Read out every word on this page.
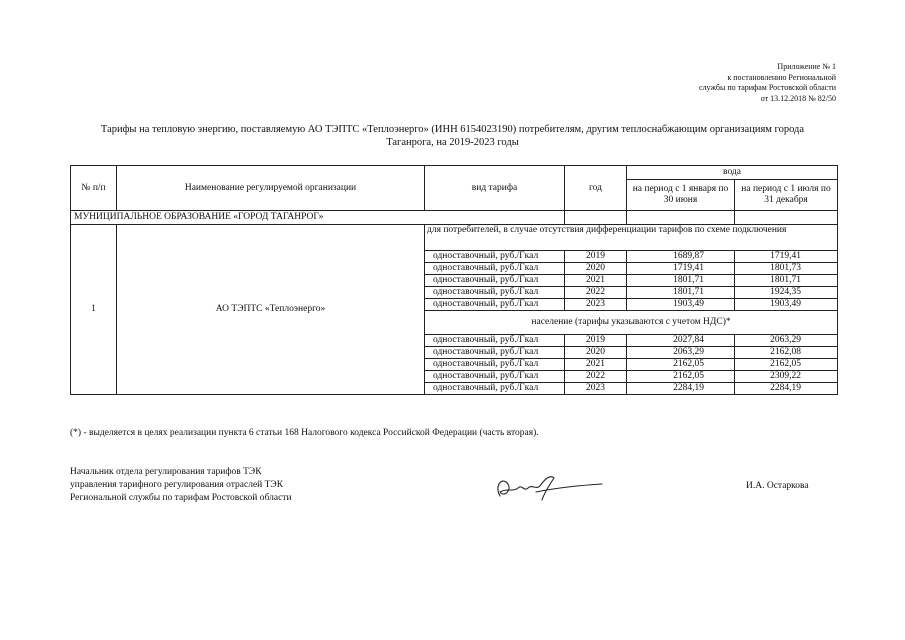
Приложение № 1
к постановлению Региональной
службы по тарифам Ростовской области
от 13.12.2018 № 82/50
Тарифы на тепловую энергию, поставляемую АО ТЭПТС «Теплоэнерго» (ИНН 6154023190) потребителям, другим теплоснабжающим организациям города
Таганрога, на 2019-2023 годы
№ п/п	Наименование регулируемой организации	вид тарифа	год	вода	
				на период с 1 января по 30 июня	на период с 1 июля по 31 декабря
МУНИЦИПАЛЬНОЕ ОБРАЗОВАНИЕ «ГОРОД ТАГАНРОГ»					
1	АО ТЭПТС «Теплоэнерго»	для потребителей, в случае отсутствия дифференциации тарифов по схеме подключения			
		одноставочный, руб./Гкал	2019	1689,87	1719,41
		одноставочный, руб./Гкал	2020	1719,41	1801,73
		одноставочный, руб./Гкал	2021	1801,71	1801,71
		одноставочный, руб./Гкал	2022	1801,71	1924,35
		одноставочный, руб./Гкал	2023	1903,49	1903,49
		население (тарифы указываются с учетом НДС)*			
		одноставочный, руб./Гкал	2019	2027,84	2063,29
		одноставочный, руб./Гкал	2020	2063,29	2162,08
		одноставочный, руб./Гкал	2021	2162,05	2162,05
		одноставочный, руб./Гкал	2022	2162,05	2309,22
		одноставочный, руб./Гкал	2023	2284,19	2284,19
(*) - выделяется в целях реализации пункта 6 статьи 168 Налогового кодекса Российской Федерации (часть вторая).
Начальник отдела регулирования тарифов ТЭК
управления тарифного регулирования отраслей ТЭК
Региональной службы по тарифам Ростовской области
И.А. Остаркова
